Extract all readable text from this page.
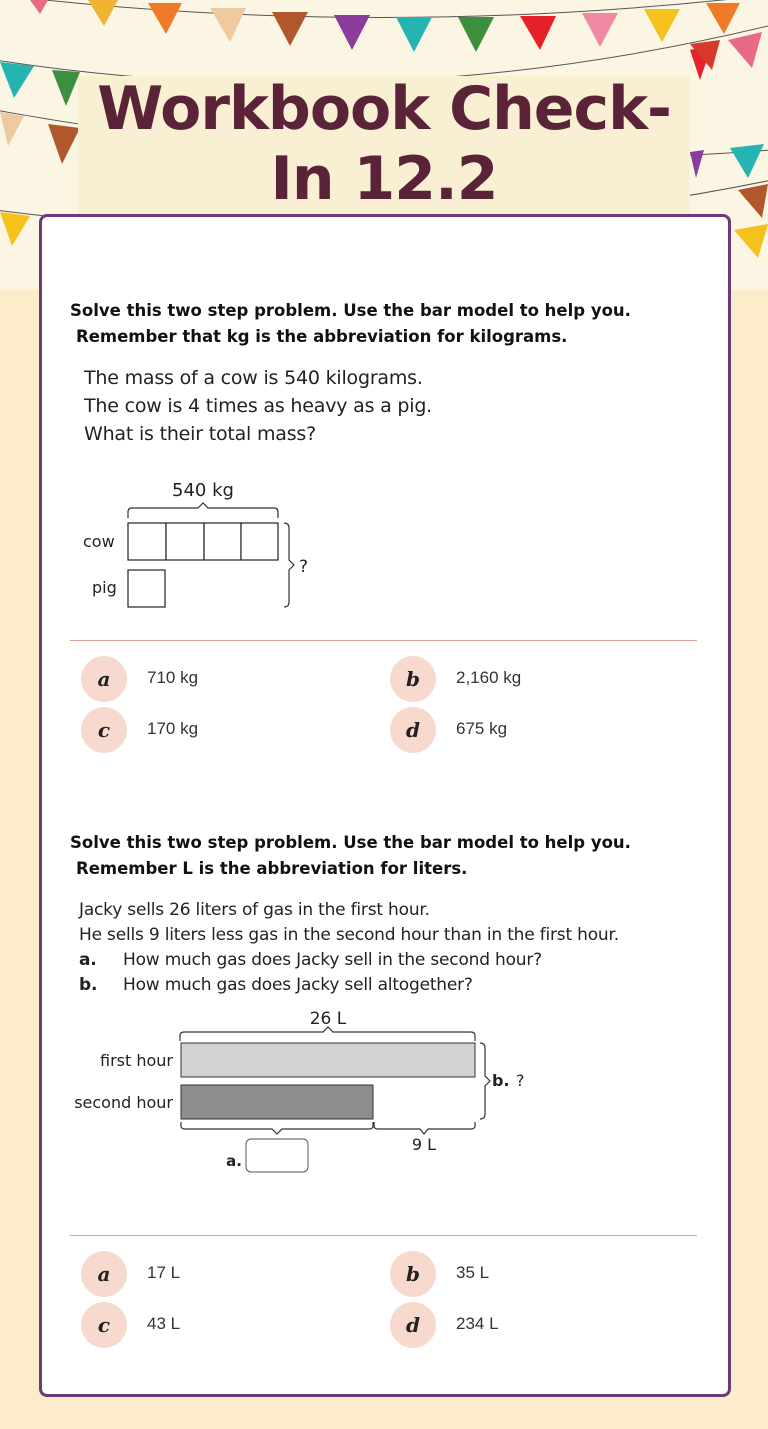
Workbook Check-In 12.2
Solve this two step problem. Use the bar model to help you.
Remember that kg is the abbreviation for kilograms.
The mass of a cow is 540 kilograms.
The cow is 4 times as heavy as a pig.
What is their total mass?
540 kg
cow
pig
?
a	710 kg	b	2,160 kg
c	170 kg	d	675 kg
Solve this two step problem. Use the bar model to help you.
Remember L is the abbreviation for liters.
Jacky sells 26 liters of gas in the first hour.
He sells 9 liters less gas in the second hour than in the first hour.
a. How much gas does Jacky sell in the second hour?
b. How much gas does Jacky sell altogether?
26 L
first hour
second hour
b. ?
9 L
a.
a	17 L	b	35 L
c	43 L	d	234 L
